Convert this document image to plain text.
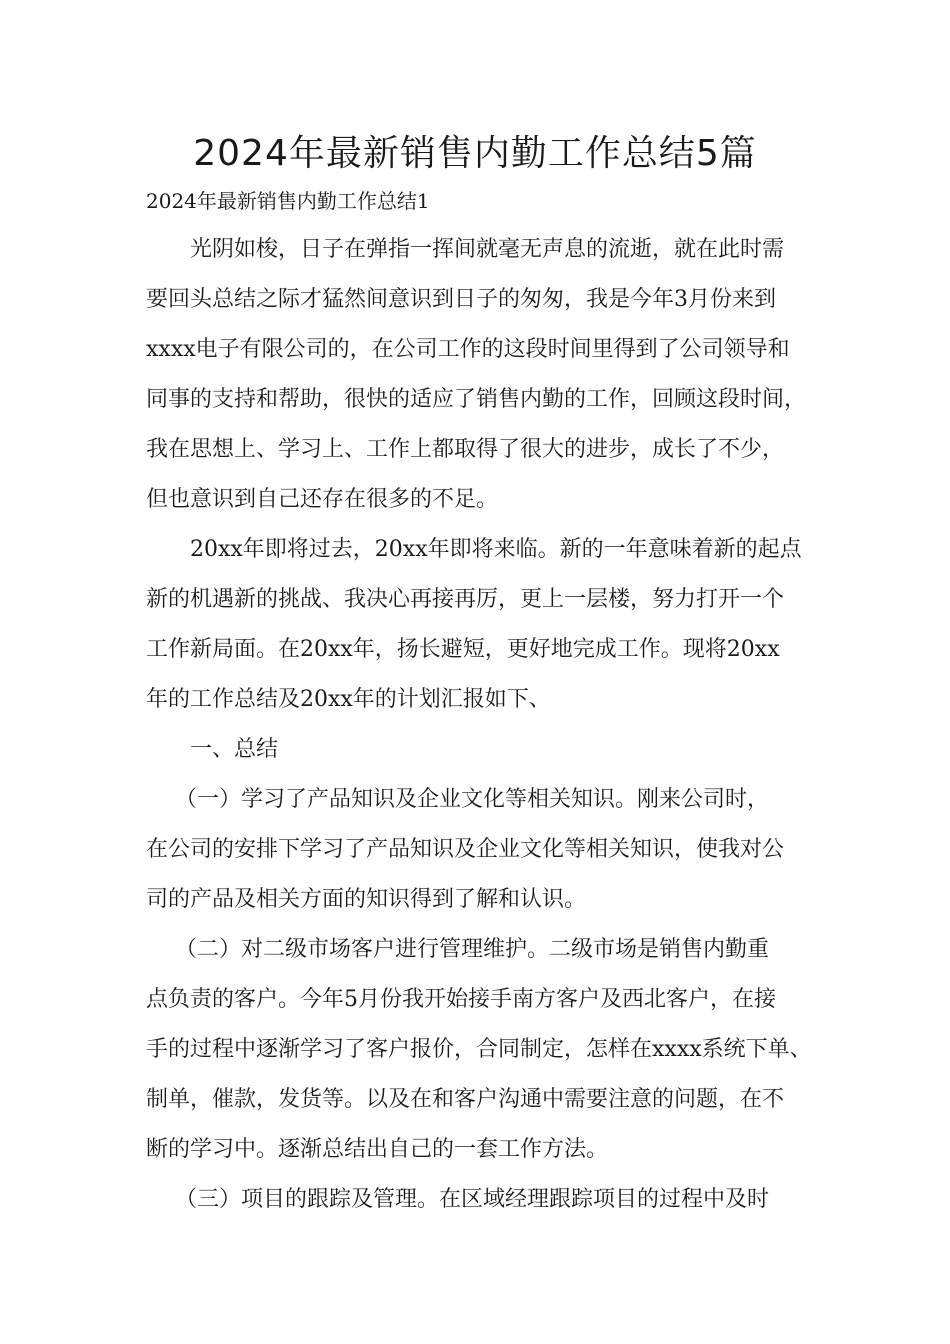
2024年最新销售内勤工作总结5篇

2024年最新销售内勤工作总结1

光阴如梭，日子在弹指一挥间就毫无声息的流逝，就在此时需

要回头总结之际才猛然间意识到日子的匆匆，我是今年3月份来到

xxxx电子有限公司的，在公司工作的这段时间里得到了公司领导和

同事的支持和帮助，很快的适应了销售内勤的工作，回顾这段时间，

我在思想上、学习上、工作上都取得了很大的进步，成长了不少，

但也意识到自己还存在很多的不足。

20xx年即将过去，20xx年即将来临。新的一年意味着新的起点

新的机遇新的挑战、我决心再接再厉，更上一层楼，努力打开一个

工作新局面。在20xx年，扬长避短，更好地完成工作。现将20xx

年的工作总结及20xx年的计划汇报如下、

一、总结

（一）学习了产品知识及企业文化等相关知识。刚来公司时，

在公司的安排下学习了产品知识及企业文化等相关知识，使我对公

司的产品及相关方面的知识得到了解和认识。

（二）对二级市场客户进行管理维护。二级市场是销售内勤重

点负责的客户。今年5月份我开始接手南方客户及西北客户，在接

手的过程中逐渐学习了客户报价，合同制定，怎样在xxxx系统下单、

制单，催款，发货等。以及在和客户沟通中需要注意的问题，在不

断的学习中。逐渐总结出自己的一套工作方法。

（三）项目的跟踪及管理。在区域经理跟踪项目的过程中及时
